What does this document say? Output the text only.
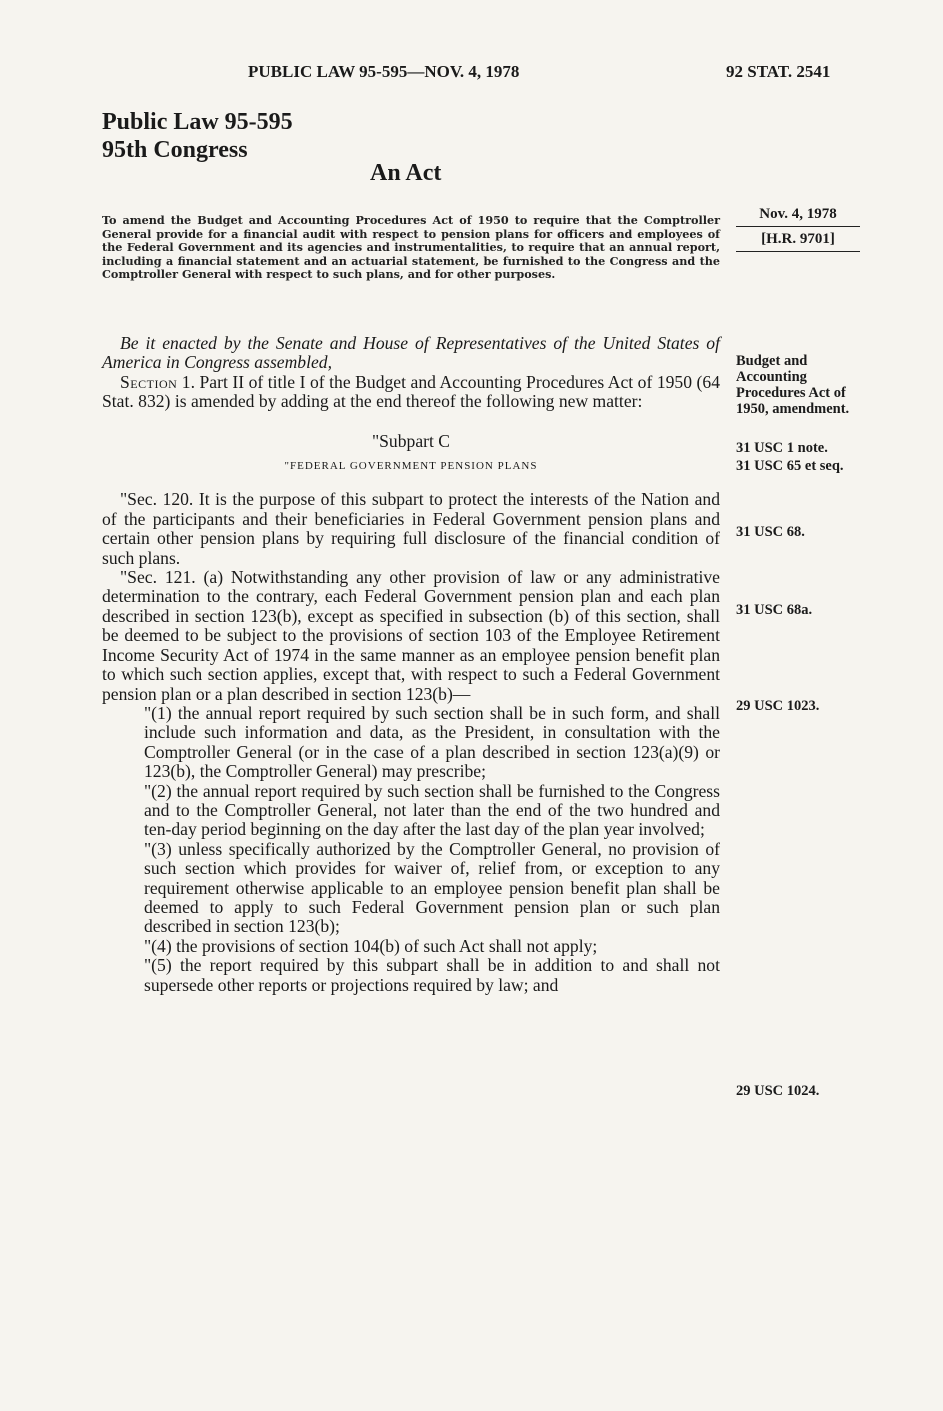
PUBLIC LAW 95-595—NOV. 4, 1978	92 STAT. 2541
Public Law 95-595
95th Congress
An Act
Nov. 4, 1978
[H.R. 9701]
To amend the Budget and Accounting Procedures Act of 1950 to require that the Comptroller General provide for a financial audit with respect to pension plans for officers and employees of the Federal Government and its agencies and instrumentalities, to require that an annual report, including a financial statement and an actuarial statement, be furnished to the Congress and the Comptroller General with respect to such plans, and for other purposes.

Be it enacted by the Senate and House of Representatives of the United States of America in Congress assembled,

Section 1. Part II of title I of the Budget and Accounting Procedures Act of 1950 (64 Stat. 832) is amended by adding at the end thereof the following new matter:

"Subpart C

"FEDERAL GOVERNMENT PENSION PLANS

"Sec. 120. It is the purpose of this subpart to protect the interests of the Nation and of the participants and their beneficiaries in Federal Government pension plans and certain other pension plans by requiring full disclosure of the financial condition of such plans.

"Sec. 121. (a) Notwithstanding any other provision of law or any administrative determination to the contrary, each Federal Government pension plan and each plan described in section 123(b), except as specified in subsection (b) of this section, shall be deemed to be subject to the provisions of section 103 of the Employee Retirement Income Security Act of 1974 in the same manner as an employee pension benefit plan to which such section applies, except that, with respect to such a Federal Government pension plan or a plan described in section 123(b)—

"(1) the annual report required by such section shall be in such form, and shall include such information and data, as the President, in consultation with the Comptroller General (or in the case of a plan described in section 123(a)(9) or 123(b), the Comptroller General) may prescribe;

"(2) the annual report required by such section shall be furnished to the Congress and to the Comptroller General, not later than the end of the two hundred and ten-day period beginning on the day after the last day of the plan year involved;

"(3) unless specifically authorized by the Comptroller General, no provision of such section which provides for waiver of, relief from, or exception to any requirement otherwise applicable to an employee pension benefit plan shall be deemed to apply to such Federal Government pension plan or such plan described in section 123(b);

"(4) the provisions of section 104(b) of such Act shall not apply;

"(5) the report required by this subpart shall be in addition to and shall not supersede other reports or projections required by law; and

Budget and Accounting Procedures Act of 1950, amendment.
31 USC 1 note.
31 USC 65 et seq.
31 USC 68.
31 USC 68a.
29 USC 1023.
29 USC 1024.
